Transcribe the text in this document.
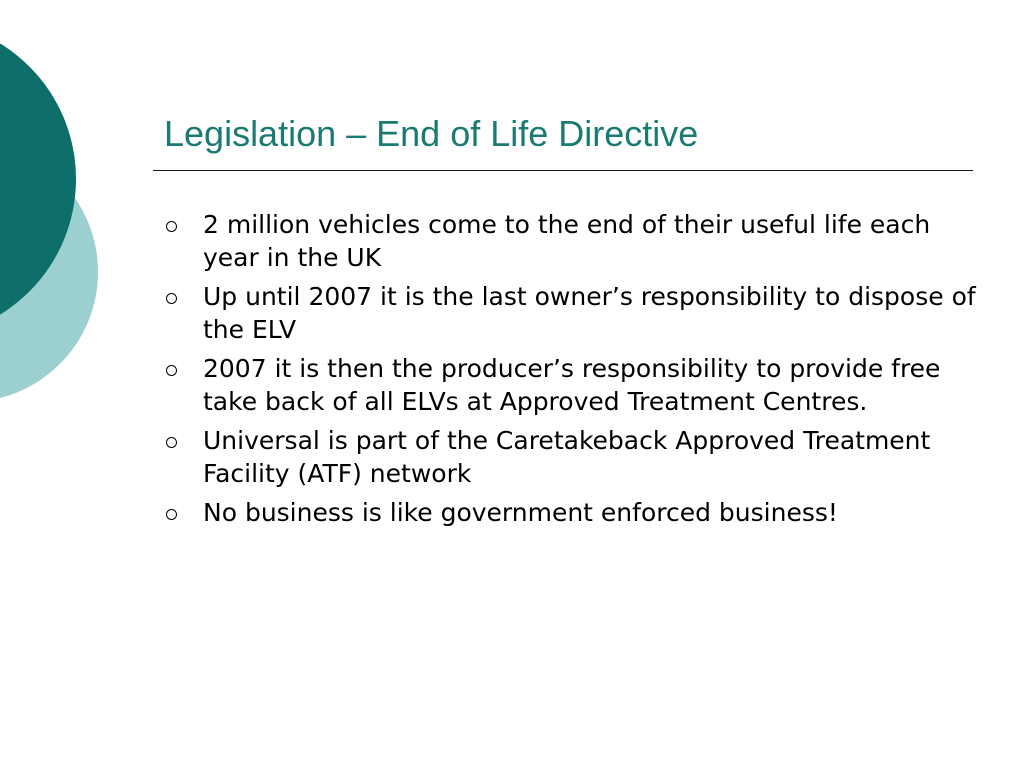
Legislation – End of Life Directive
2 million vehicles come to the end of their useful life each year in the UK
Up until 2007 it is the last owner’s responsibility to dispose of the ELV
2007 it is then the producer’s responsibility to provide free take back of all ELVs at Approved Treatment Centres.
Universal is part of the Caretakeback Approved Treatment Facility (ATF) network
No business is like government enforced business!
